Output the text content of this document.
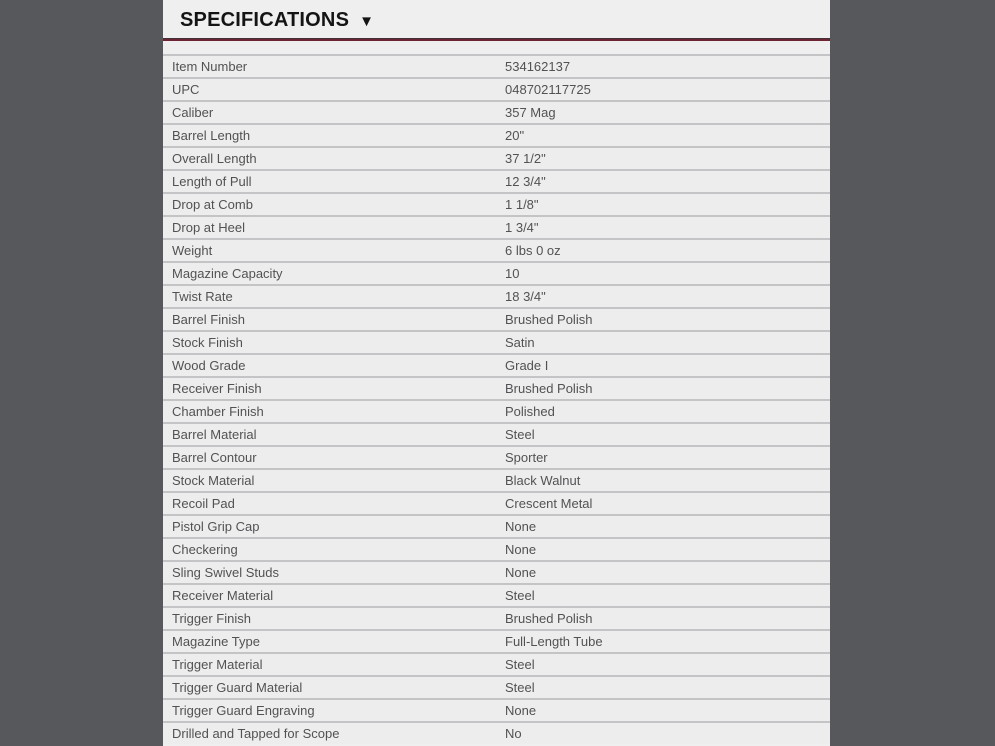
SPECIFICATIONS ▼
Item Number	534162137
UPC	048702117725
Caliber	357 Mag
Barrel Length	20"
Overall Length	37 1/2"
Length of Pull	12 3/4"
Drop at Comb	1 1/8"
Drop at Heel	1 3/4"
Weight	6 lbs 0 oz
Magazine Capacity	10
Twist Rate	18 3/4"
Barrel Finish	Brushed Polish
Stock Finish	Satin
Wood Grade	Grade I
Receiver Finish	Brushed Polish
Chamber Finish	Polished
Barrel Material	Steel
Barrel Contour	Sporter
Stock Material	Black Walnut
Recoil Pad	Crescent Metal
Pistol Grip Cap	None
Checkering	None
Sling Swivel Studs	None
Receiver Material	Steel
Trigger Finish	Brushed Polish
Magazine Type	Full-Length Tube
Trigger Material	Steel
Trigger Guard Material	Steel
Trigger Guard Engraving	None
Drilled and Tapped for Scope	No
